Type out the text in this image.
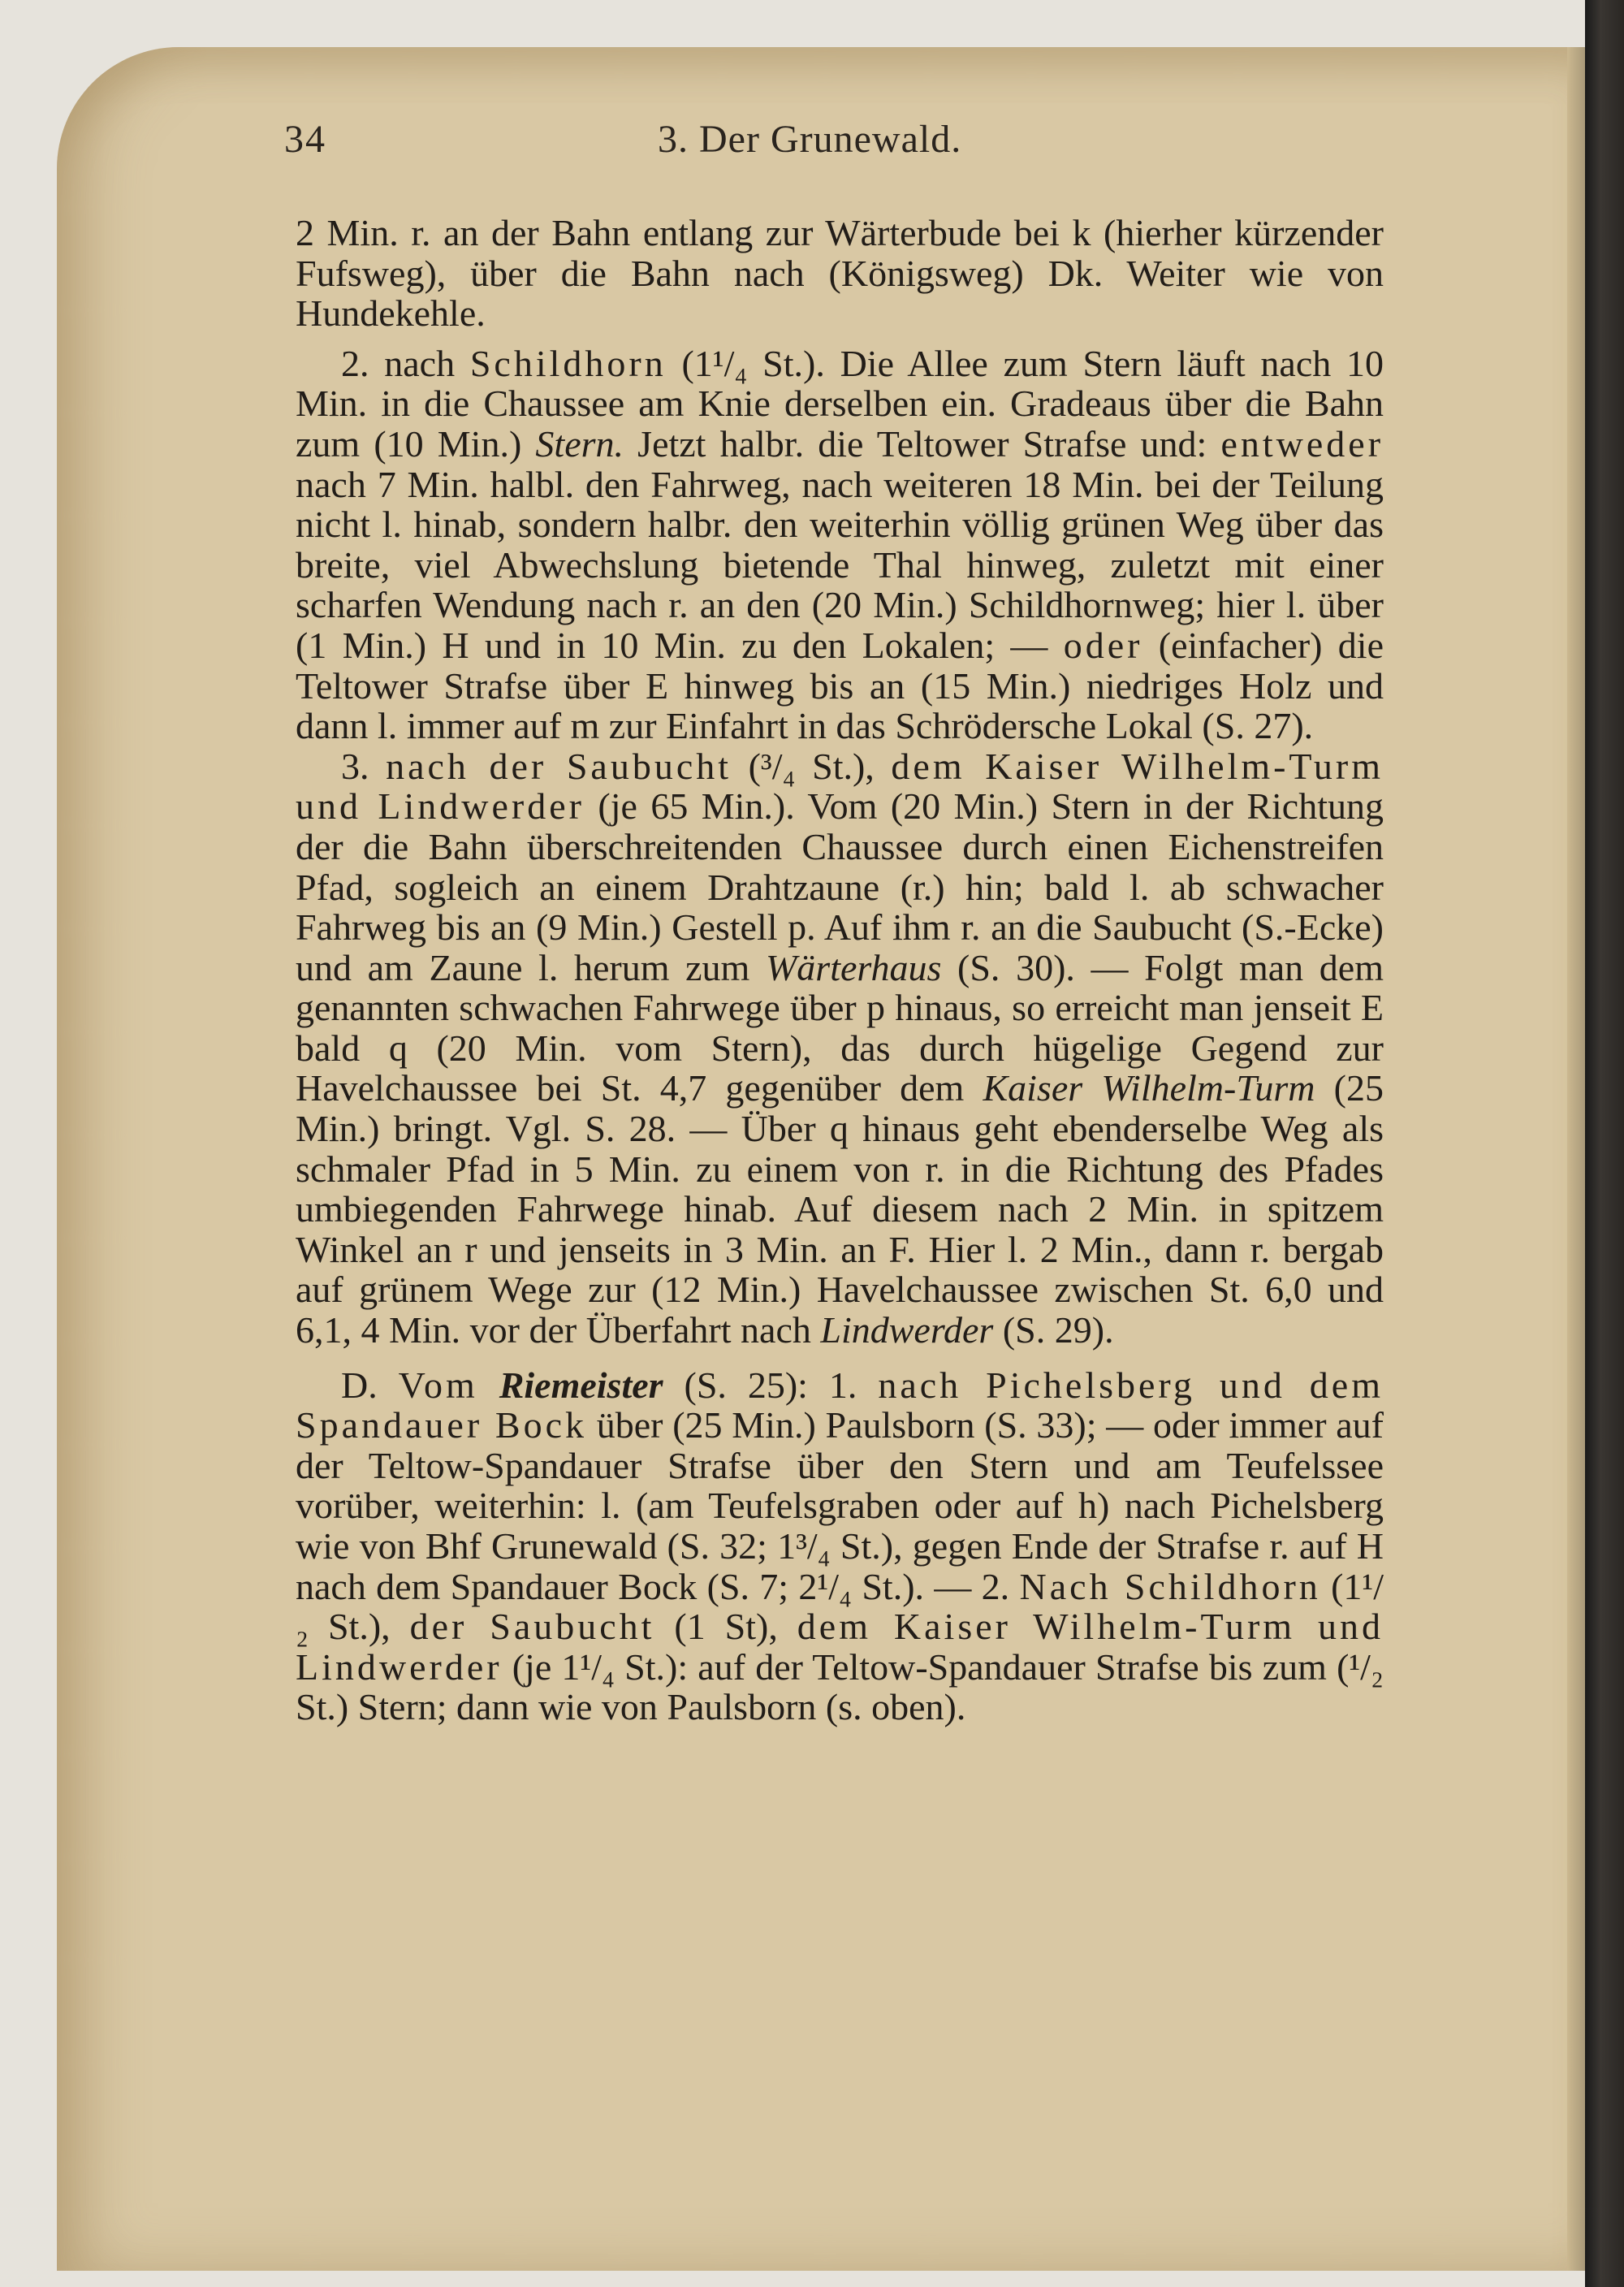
34	3. Der Grunewald.

2 Min. r. an der Bahn entlang zur Wärterbude bei k (hierher kürzender Fufsweg), über die Bahn nach (Königsweg) Dk. Weiter wie von Hundekehle.

2. nach Schildhorn (1¹/₄ St.). Die Allee zum Stern läuft nach 10 Min. in die Chaussee am Knie derselben ein. Gradeaus über die Bahn zum (10 Min.) Stern. Jetzt halbr. die Teltower Strafse und: entweder nach 7 Min. halbl. den Fahrweg, nach weiteren 18 Min. bei der Teilung nicht l. hinab, sondern halbr. den weiterhin völlig grünen Weg über das breite, viel Abwechslung bietende Thal hinweg, zuletzt mit einer scharfen Wendung nach r. an den (20 Min.) Schildhornweg; hier l. über (1 Min.) H und in 10 Min. zu den Lokalen; — oder (einfacher) die Teltower Strafse über E hinweg bis an (15 Min.) niedriges Holz und dann l. immer auf m zur Einfahrt in das Schrödersche Lokal (S. 27).

3. nach der Saubucht (³/₄ St.), dem Kaiser Wilhelm-Turm und Lindwerder (je 65 Min.). Vom (20 Min.) Stern in der Richtung der die Bahn überschreitenden Chaussee durch einen Eichenstreifen Pfad, sogleich an einem Drahtzaune (r.) hin; bald l. ab schwacher Fahrweg bis an (9 Min.) Gestell p. Auf ihm r. an die Saubucht (S.-Ecke) und am Zaune l. herum zum Wärterhaus (S. 30). — Folgt man dem genannten schwachen Fahrwege über p hinaus, so erreicht man jenseit E bald q (20 Min. vom Stern), das durch hügelige Gegend zur Havelchaussee bei St. 4,7 gegenüber dem Kaiser Wilhelm-Turm (25 Min.) bringt. Vgl. S. 28. — Über q hinaus geht ebenderselbe Weg als schmaler Pfad in 5 Min. zu einem von r. in die Richtung des Pfades umbiegenden Fahrwege hinab. Auf diesem nach 2 Min. in spitzem Winkel an r und jenseits in 3 Min. an F. Hier l. 2 Min., dann r. bergab auf grünem Wege zur (12 Min.) Havelchaussee zwischen St. 6,0 und 6,1, 4 Min. vor der Überfahrt nach Lindwerder (S. 29).

D. Vom Riemeister (S. 25): 1. nach Pichelsberg und dem Spandauer Bock über (25 Min.) Paulsborn (S. 33); — oder immer auf der Teltow-Spandauer Strafse über den Stern und am Teufelssee vorüber, weiterhin: l. (am Teufelsgraben oder auf h) nach Pichelsberg wie von Bhf Grunewald (S. 32; 1³/₄ St.), gegen Ende der Strafse r. auf H nach dem Spandauer Bock (S. 7; 2¹/₄ St.). — 2. Nach Schildhorn (1¹/₂ St.), der Saubucht (1 St), dem Kaiser Wilhelm-Turm und Lindwerder (je 1¹/₄ St.): auf der Teltow-Spandauer Strafse bis zum (¹/₂ St.) Stern; dann wie von Paulsborn (s. oben).
